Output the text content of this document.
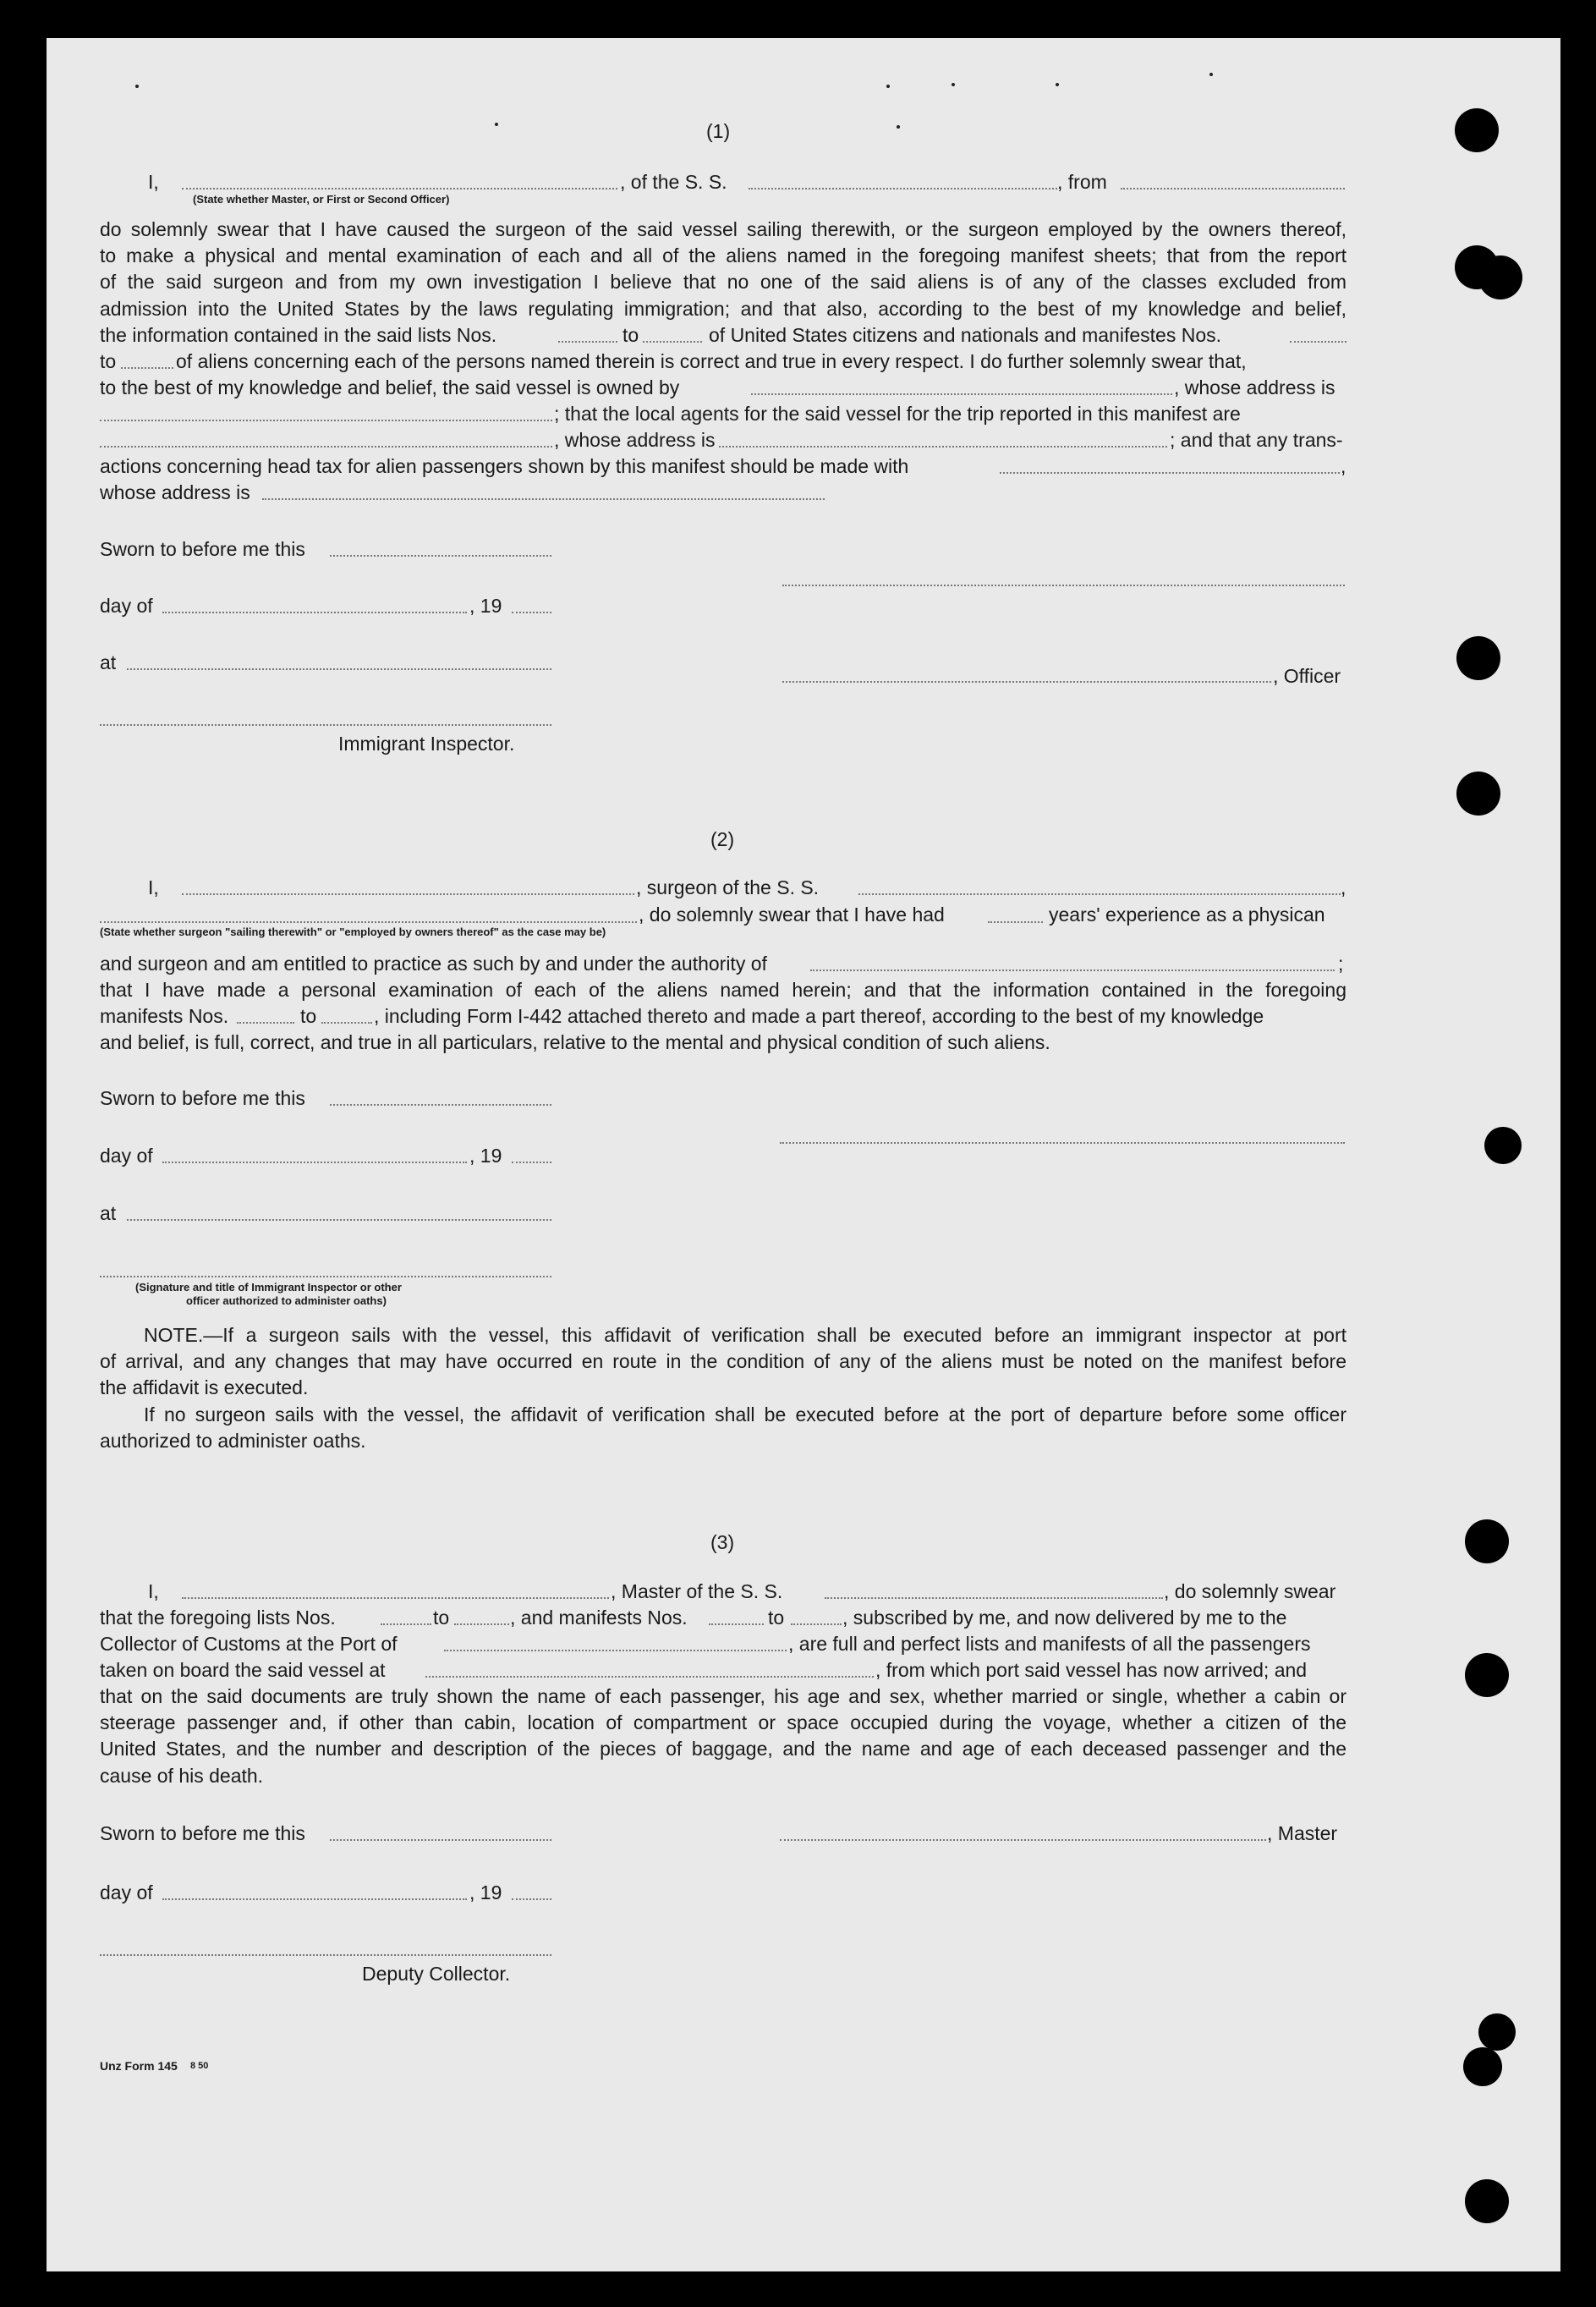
(1)
I,	, of the S. S.	, from
(State whether Master, or First or Second Officer)
do solemnly swear that I have caused the surgeon of the said vessel sailing therewith, or the surgeon employed by the owners thereof,
to make a physical and mental examination of each and all of the aliens named in the foregoing manifest sheets; that from the report
of the said surgeon and from my own investigation I believe that no one of the said aliens is of any of the classes excluded from
admission into the United States by the laws regulating immigration; and that also, according to the best of my knowledge and belief,
the information contained in the said lists Nos.	to	of United States citizens and nationals and manifestes Nos.
to	of aliens concerning each of the persons named therein is correct and true in every respect. I do further solemnly swear that,
to the best of my knowledge and belief, the said vessel is owned by	, whose address is
; that the local agents for the said vessel for the trip reported in this manifest are
, whose address is	; and that any trans-
actions concerning head tax for alien passengers shown by this manifest should be made with	,
whose address is
Sworn to before me this
day of	, 19
at
, Officer
Immigrant Inspector.
(2)
I,	, surgeon of the S. S.	,
, do solemnly swear that I have had	years' experience as a physican
(State whether surgeon "sailing therewith" or "employed by owners thereof" as the case may be)
and surgeon and am entitled to practice as such by and under the authority of	;
that I have made a personal examination of each of the aliens named herein; and that the information contained in the foregoing
manifests Nos.	to	, including Form I-442 attached thereto and made a part thereof, according to the best of my knowledge
and belief, is full, correct, and true in all particulars, relative to the mental and physical condition of such aliens.
Sworn to before me this
day of	, 19
at
(Signature and title of Immigrant Inspector or other
officer authorized to administer oaths)
NOTE.—If a surgeon sails with the vessel, this affidavit of verification shall be executed before an immigrant inspector at port
of arrival, and any changes that may have occurred en route in the condition of any of the aliens must be noted on the manifest before
the affidavit is executed.
If no surgeon sails with the vessel, the affidavit of verification shall be executed before at the port of departure before some officer
authorized to administer oaths.
(3)
I,	, Master of the S. S.	, do solemnly swear
that the foregoing lists Nos.	to	, and manifests Nos.	to	, subscribed by me, and now delivered by me to the
Collector of Customs at the Port of	, are full and perfect lists and manifests of all the passengers
taken on board the said vessel at	, from which port said vessel has now arrived; and
that on the said documents are truly shown the name of each passenger, his age and sex, whether married or single, whether a cabin or
steerage passenger and, if other than cabin, location of compartment or space occupied during the voyage, whether a citizen of the
United States, and the number and description of the pieces of baggage, and the name and age of each deceased passenger and the
cause of his death.
Sworn to before me this	, Master
day of	, 19
Deputy Collector.
Unz Form 145 8 50
